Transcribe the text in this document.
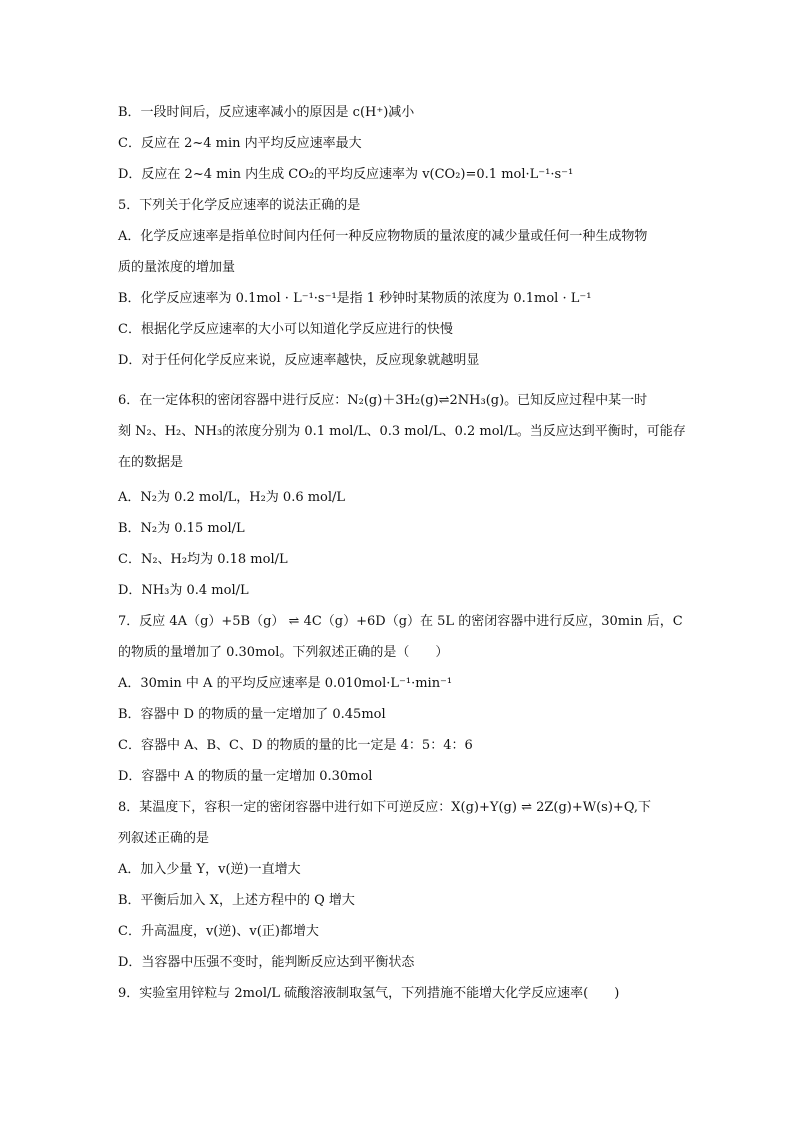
B．一段时间后，反应速率减小的原因是 c(H⁺)减小
C．反应在 2~4 min 内平均反应速率最大
D．反应在 2~4 min 内生成 CO₂的平均反应速率为 v(CO₂)=0.1 mol·L⁻¹·s⁻¹
5．下列关于化学反应速率的说法正确的是
A．化学反应速率是指单位时间内任何一种反应物物质的量浓度的减少量或任何一种生成物物
质的量浓度的增加量
B．化学反应速率为 0.1mol · L⁻¹·s⁻¹是指 1 秒钟时某物质的浓度为 0.1mol · L⁻¹
C．根据化学反应速率的大小可以知道化学反应进行的快慢
D．对于任何化学反应来说，反应速率越快，反应现象就越明显
6．在一定体积的密闭容器中进行反应：N₂(g)＋3H₂(g)⇌2NH₃(g)。已知反应过程中某一时
刻 N₂、H₂、NH₃的浓度分别为 0.1 mol/L、0.3 mol/L、0.2 mol/L。当反应达到平衡时，可能存
在的数据是
A．N₂为 0.2 mol/L，H₂为 0.6 mol/L
B．N₂为 0.15 mol/L
C．N₂、H₂均为 0.18 mol/L
D．NH₃为 0.4 mol/L
7．反应 4A（g）+5B（g） ⇌ 4C（g）+6D（g）在 5L 的密闭容器中进行反应，30min 后，C
的物质的量增加了 0.30mol。下列叙述正确的是（　　）
A．30min 中 A 的平均反应速率是 0.010mol·L⁻¹·min⁻¹
B．容器中 D 的物质的量一定增加了 0.45mol
C．容器中 A、B、C、D 的物质的量的比一定是 4：5：4：6
D．容器中 A 的物质的量一定增加 0.30mol
8．某温度下，容积一定的密闭容器中进行如下可逆反应：X(g)+Y(g) ⇌ 2Z(g)+W(s)+Q,下
列叙述正确的是
A．加入少量 Y，v(逆)一直增大
B．平衡后加入 X，上述方程中的 Q 增大
C．升高温度，v(逆)、v(正)都增大
D．当容器中压强不变时，能判断反应达到平衡状态
9．实验室用锌粒与 2mol/L 硫酸溶液制取氢气，下列措施不能增大化学反应速率(　　)
